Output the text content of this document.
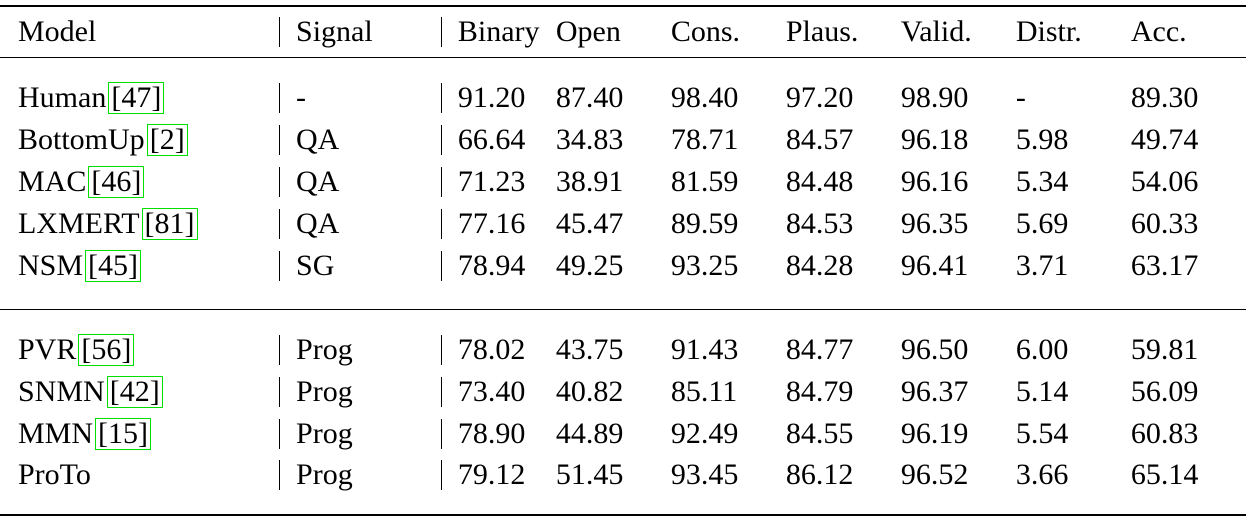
Model	Signal	Binary	Open	Cons.	Plaus.	Valid.	Distr.	Acc.

Human [47]	-	91.20	87.40	98.40	97.20	98.90	-	89.30
BottomUp [2]	QA	66.64	34.83	78.71	84.57	96.18	5.98	49.74
MAC [46]	QA	71.23	38.91	81.59	84.48	96.16	5.34	54.06
LXMERT [81]	QA	77.16	45.47	89.59	84.53	96.35	5.69	60.33
NSM [45]	SG	78.94	49.25	93.25	84.28	96.41	3.71	63.17

PVR [56]	Prog	78.02	43.75	91.43	84.77	96.50	6.00	59.81
SNMN [42]	Prog	73.40	40.82	85.11	84.79	96.37	5.14	56.09
MMN [15]	Prog	78.90	44.89	92.49	84.55	96.19	5.54	60.83
ProTo	Prog	79.12	51.45	93.45	86.12	96.52	3.66	65.14
